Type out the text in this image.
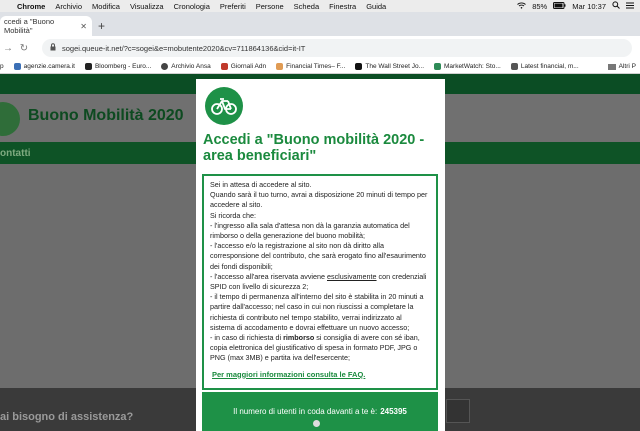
Chrome	Archivio	Modifica	Visualizza	Cronologia	Preferiti	Persone	Scheda	Finestra	Guida	85%	Mar 10:37
ccedi a "Buono Mobilità"	✕ +
→ ↻	sogei.queue-it.net/?c=sogei&e=mobutente2020&cv=711864136&cid=it-IT
p	agenzie.camera.it	Bloomberg - Euro...	Archivio Ansa	Giornali Adn	Financial Times– F...	The Wall Street Jo...	MarketWatch: Sto...	Latest financial, m...	Altri P
Buono Mobilità 2020
ontatti
ai bisogno di assistenza?
Accedi a "Buono mobilità 2020 - area beneficiari"
Sei in attesa di accedere al sito.
Quando sarà il tuo turno, avrai a disposizione 20 minuti di tempo per
accedere al sito.
Si ricorda che:
- l'ingresso alla sala d'attesa non dà la garanzia automatica del
rimborso o della generazione del buono mobilità;
- l'accesso e/o la registrazione al sito non dà diritto alla
corresponsione del contributo, che sarà erogato fino all'esaurimento
dei fondi disponibili;
- l'accesso all'area riservata avviene esclusivamente con credenziali
SPID con livello di sicurezza 2;
- il tempo di permanenza all'interno del sito è stabilita in 20 minuti a
partire dall'accesso; nel caso in cui non riuscissi a completare la
richiesta di contributo nel tempo stabilito, verrai indirizzato al
sistema di accodamento e dovrai effettuare un nuovo accesso;
- in caso di richiesta di rimborso si consiglia di avere con sé iban,
copia elettronica del giustificativo di spesa in formato PDF, JPG o
PNG (max 3MB) e partita iva dell'esercente;
Per maggiori informazioni consulta le FAQ.
Il numero di utenti in coda davanti a te è: 245395
